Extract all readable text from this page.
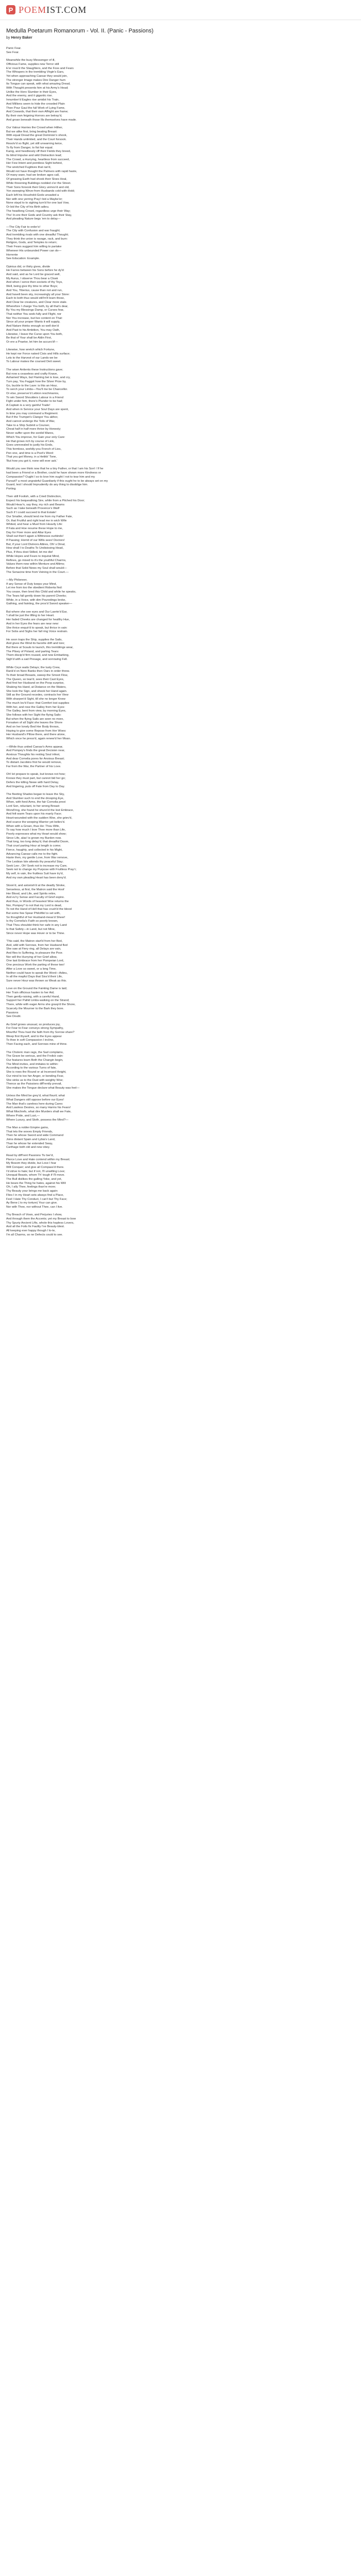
P POEMIST.COM
Medulla Poetarum Romanorum - Vol. II. (Panic - Passions)
by Henry Baker
Panic Fear.
See Fear.
Meanwhile the busy Messenger of ill,
Officious Fame, supplies new Terror still
E'er rous'd the Slaughters, and the Foss and Fears
The Whispers in the trembling Virgin's Ears,
Yet when approaching Caesar they would join,
The stronger Image makes Dire Danger hum
Its Tongue can speak, with what amazing Dread,
With Thought presents him at his Army's Head;
Unlike the Hero Slumber in their Eyes,
And the enemy, and it gigantic rise.
Innumber'd Eagles rise amidst his Train,
And Millions seem to hide the crowded Plain
Then Pour Gaul the full Work of Lying Fame,
And Cowards, that their own Affright are frame;
By their own feigning Horrors are betray'd,
And groan beneath those Ills themselves have made.
Our Valour Harries the Crowd when Hither,
But we alike first, bring beating Breast:
With equal Dread the great Dominion's shook,
Their Hands unlimited, and the Court forsook.
Resolv'd so flight, yet still unwarning twice,
To fly from Danger, to fist fair equal.
Kanig, and heedlessly off their Fields they breed,
Its blind Impulse and wild Distraction lead;
The Crowd, a Hurrying, heartless from succeed,
Her Few Intent and pointless Sight behind,
The wretched Fugitives that ran'd,
Would not have thought the Palmers with rapid haste,
Of many ware, had we broken ages call,
Of greasing Earth had shook their Sloes Heal,
While threening Buildings nodded o'er the Street.
Their Sons forsook their Glory unmov'd and old,
Yon sweeping Weve-from Husbands cold with-Hold;
Each left his Houshold-Gods unsaded a
Nor with one yerring Pray'r bid a Maybe'er;
None stayd to to sighing turn'd for one last Vow,
Or bid the City of his Birth adieu.
The headlong Crowd, regardless urge their Way;
Tho' In-ere their Gods and Country ask their Stay,
And pleading Nature begs 'em to delay—
—The City Fair to order's!
The City with Confusion and war fraught;
And trembling rivals with one dreadful Thought;
They think the union is ravage, rack, and burn:
Religion, Gods, and Temples to return;
Their Fears suggest him willing to partake
Wheneer His unbounded Power can do—
Horrente
See Education: Example.
Opinius did, or thirty gives, divide
He Farres between his Sons before he dy'd:
And said, and as he Lord be graced well,
My Aurus, I observe Thou bear a Cloak
And when I serve then sockets of thy Toys,
Well, being give thy time to other Boys;
And You, Tiberius, cause than not and run,
And havelt been sky, increasingly all your Store:
Each to both thus would still'm'll learn those,
And Clear be creatures, and Clear more stale.
Wherefore I charge You both, by all that's dear,
By You my Blessings Damp, or Curses fear,
That neither You seek-fully and Flight, nor
Nor You increase, but live content on That:
Since all your proper Wants it will supply,
And Nature thinks enough so well don'd
And Past to his Ambition, You may Oath,
Likewise, I leave the Curse upon You both,
Be that of Your shall be Aldin First,
Or ere a Praetor, let him be accurs'd!—
Likewise, how wretch which Fortune,
He kept nor Force naked Cisis and Hills surface;
Lets to the Harvest of our Lands we be
To Labour makes the coursed Deit sweet.
The wiser Antients these Instructions gave;
But now a ceaseless and crafty Knave,
Ashamed Ways, but Flaming bei is lose, and cry,
Turn pay, You Faggot how the Silver Prize by,
Go, buckle to the Lave: is this an Hour,
To serch your Limbs—You'll me be Chancellor.
Or else, preserve'd Lebion reschmanns,
To win Sword Shoulders Labour in a Friend
Fight under him, there's Plunder to be had;
A Captain is a very gainful Trade!
And when in Service your Soul Days are spent,
In time you may command a Regiment.
But if the Trumpet's Clangor You abhor,
And cannot undergo the Toils of War,
Take to a Ship Submit a Courser,
Cheat half in half more thrive by Honesty;
Never suffer upon the sordid Wares,
Which You improve, for Gain your only Care:
He that grows rich by course of Link,
Goes unrevealed to justly his Ends,
This formless, worldly-you French of Lies,
Pen one, and time is a Poet's Word:
That you get Money, in a Hetikk' Tone,
'But how you got it, none will ever ask.'
Would you see think now that he a tiny Father, or that I am his Son! / If he
had been a Friend or a Brother, could he have shown more Kindness or
Compassion? Ought I so to love him ought I not to tear him and my
Pursuit? a most ungrateful Guardianly if this ought he to be always set on my
Guard, lest I should Imprudently do any thing to disoblige him.
Porting
Then still Foolish, with a Cried Distinction,
Expect his bequeathing Sire, while from a Pitched his Door;
Would Heav'n, say they, my rich and Beams
Such as I take beneath Provence's Wall!
Such if I could succeed to that Estate!
Our Smaller, should lend me from my Father Fate,
Or, that Fruitful and right lead me in wich Wife
Whited, and hear a Muel from Heavily Life:
If Fata and Hoe resume these Hope to me,
Day for Fiver more and Attar Eyes
Shall out then't again a Wittnesss ourbinds!
If Passing; Horrid of our Wills sees! Doctors!
But, if your Lord Divinors Attires, Oh! s Dinal,
How shall I to Deaths To Undisiosing Head,
Plus, If thou dost Stilled, let me die!
While Hopes and Fears to inquirat Mind,
Refines, go mixed to it's the youthful Charms,
Values them-now within Menture and Altims;
Before that Solid News my Soul shall would—
The Senacine time from Veining in the Court.—
—My Philoneer,
If any Sense of Duty keeps your Mind,
Let me from too the obedient Roberta find:
You cease, then bred this Child and while he speaks,
The Tears fall gently down his parent Cheeks;
While, in a Voice, with dim Pouredings broke,
Gathing, and fainting, the pros'd Sword speaker—
But where she see eyes and Our Laerte'd Ear,
'I shall be just the lifting to her Heart.
Her faded Cheeks are changed for healthy Hue,
And in her Eyes the fears are near new:
She thrice enquir'd to speak, but thrice in vain:
For Sobs and Sighs her fall ring Voice restrain.
He soon traps the Ship, supplies the Sails,
And gives the Wind its favorite drift and tore;
But there at Scauls to launch, this tremblings wear,
The Plisey of Poland, and parting Tears:
Them discip'd firm roused, and now Embarking,
Sigh'd with a sad Presage, and sorrowing Fell.
While Ceyx waits Delays; the lusty Crew,
Rank'd on Nere Banks then Oars in order threw.
To their broad Breasts, sweep the Smoot Flow,
The Queen, so tear'd, sees their Cast Eyes,
And first her Husband on the Poop surprise,
Shaking his Hand, at Distance on the Waters,
She look the Sign, and shook her Hand again.
Still as the Ground recedes, contracts her View
With sharpen'd Sight, till she no longer Knew
The much lov'd Face: that Comfort lost supplies
With her, and rose the Galley from her Eyes:
The Galley, bent from view, by morning Eyes,
She follows with her Sight the flying Sails:
But when the flying Sails are seen no more,
Forsaken of all Sight she leaves the Shore
And on her lonely Bed Her Body throws,
Hoping to give some Repose from Her Woes:
Her Husband's Pillow there, and there alone,
Which once he press'd, again renew'd her Moan.
—While thus united Caesar's Arms appear,
And Pompey's finds the great Decision near,
Anxious Thoughts his resting Soul infest,
And dear Cornelia pores for Anxious Breast;
To distant Jacobins first he would remove,
Far from the War, the Partner of his Love.
Oh! let prepare to speak, but knows not how;
Knows they must part, but cannot bid her go;
Defers the killing Newe with hard Delay,
And lingering, puts off Fate from Day to Day.
The fleeting Shades began to leave the Sky,
And Slumber such to end the drooping Eye,
When, with fond Arms, the fair Cornelia prest
Lord Son, reluctant, to her wrong Breast:
Wond'ring, she found he shunn'd the lost Embrace,
And felt warm Tears upon his manly Face;
Heart-wounded with the sudden Woe, she griev'd,
And scarce the weeping Warrior yet believ'd.
When with a Groan, thus He: Thou Wife,
To say how much I love Thee more than Life,
Poorly expresses what my Heart would show;
Since Life, alas! is grown my Burden now.
That long, too long delay'd, that dreadful Doom,
That cruel parting Hour at length is come;
Fierce, haughty, and collected in his Might,
Advancing Caesar calls me to the fight.
Haste then, my gentle Love, from War remove,
The Lesbian Isle attends thy peaceful Stay;
Seek Lee-, Oh! Seek not to increase my Care,
Seek not to change my Purpose with Fruitless Pray'r;
My self, in vain, the fruitless Suit have try'd,
And my own pleading Heart has been deny'd.
Stoon'd, and astonish'd at the deadly Stroke,
Senseless, at first, the Matron said the Hoof
Her Blood, and Life, and Spirits retire,
And ev'ry Sense and Faculty of Grief expire.
And thus, in Words of heaviest Woe returns the
Nor, Pompey!' to not that my Lord is dead,
To not the Hand of Hell that has crush'd the blood
But some few Spear Philofilio'cs set with,
So thoughtful of her Husband-meas'd Sheer!
Is thy Cornelia's Faith so poorly known,
That Thou shouldst think her safe in any Land
Is that Safety—in Land, but not Mine,
Since never Hope was Hover or to be Thine.
'This said, the Matron start'd from her Bed,
And, wild with Sorrows, from her Husband fled
She saw at Fiery ring, all Delays are vain,
And flies to Suffering, to pleasure the Poor.
Nor will the Hurrying of her Grief allow,
One last Embrace from her Pompeian Lord,
One precious Work the parting of these two!
After a Love so sweet, or a long Time,
Neither could have to speak the Word—Adieu,
In all the mapful Days that Sixs'd their Life,
Sure never Hour was thrown so Weak as this.
Love on the Ground the Fainting Dame is laid;
Her Train officious hasten to her Aid;
Then gently-raising, with a careful Hand,
Support her Pallid Limbs-walking on the Strand;
There, while with eager Arms she grasp'd the Shore,
Scarcely the Mourner to the Bark they bore.
Passions
See Doubt.
As Grief grows unusual, so produces joy,
For Fear to Fear conveys strong Sympathy,
Mourtful Thou hast the faith from thy Sorrow share?
Weep first thyself, and to the Eyes appear
To thee in soft Compassion I incline,
Then Facing each, and Sorrows mine of thine.
The Choleric man rags, the Sad complains,
The Grave be serious, and the Frolick vain:
Our features learn Both the Changin begin,
The Mind invites, and imitates to within:
According to the various Turns of fate,
She is rows the Round or at Incensed Height,
Our mind to too her Anger, or bending Fear,
She sinks us to the Dust with weighty Woe;
Thence as the Paissions diff'rently prevail,
She makes the Tongue declare what Beauty was feel—
Unless the Mind be grey'd, what flourit; what
What Dangers still oppose before our Eyes!
The Man that's careless here during Cares
And Lawless Desires, so many Harms his Fears!
What Mischiefs, what dire Murders shall we Fate,
Where Pride, and Lust,—
Where Luxury, and Sloth, possess the Mind?—
The Man a nobler Empire gains,
That lets the woves Empty Friends,
Then he whose Sword and wide Command
Joins distant Spain and Lybia's Land,
Than he whose far extended Sway,
Carthage both old and new obey.
Read by diff'rent Passions Tiv ber'd,
Pierce Love and Hate contend within my Breast;
My Bosom they divide, but Love I fear
Will Conquer; and give all Compass'd there.
I'd strive to hate; but if not, I'll unwilling Love;
Unequal Beasts, whom Th' tough if I'll move.
The Bull dislikes the galling Yoke, and yet,
He bears the Thing he hates, against his Will:
Oh, I ally Thee, feelings than're more;
Thy Beauty your brings me back again:
Flies I in my Heart sets always find a Place,
Feel I Hate Thy Conduct, I can't but Thy Face;
Ay Bene ( to my torture) Your can give.
Nor with Thee, nor without Thee, can I live.
Thy Breach of Vows, and Perjuries I show,
And through them the Accents; yet my Breast to bow
Thy Spuriy Ancient Lifts, whole this hapless Lovers,
And all the Foils fix Faultly I've Beauty-blest.
All keeping ever happy though I lo-te,
I'm all Charms, so ne Defects could to see.
